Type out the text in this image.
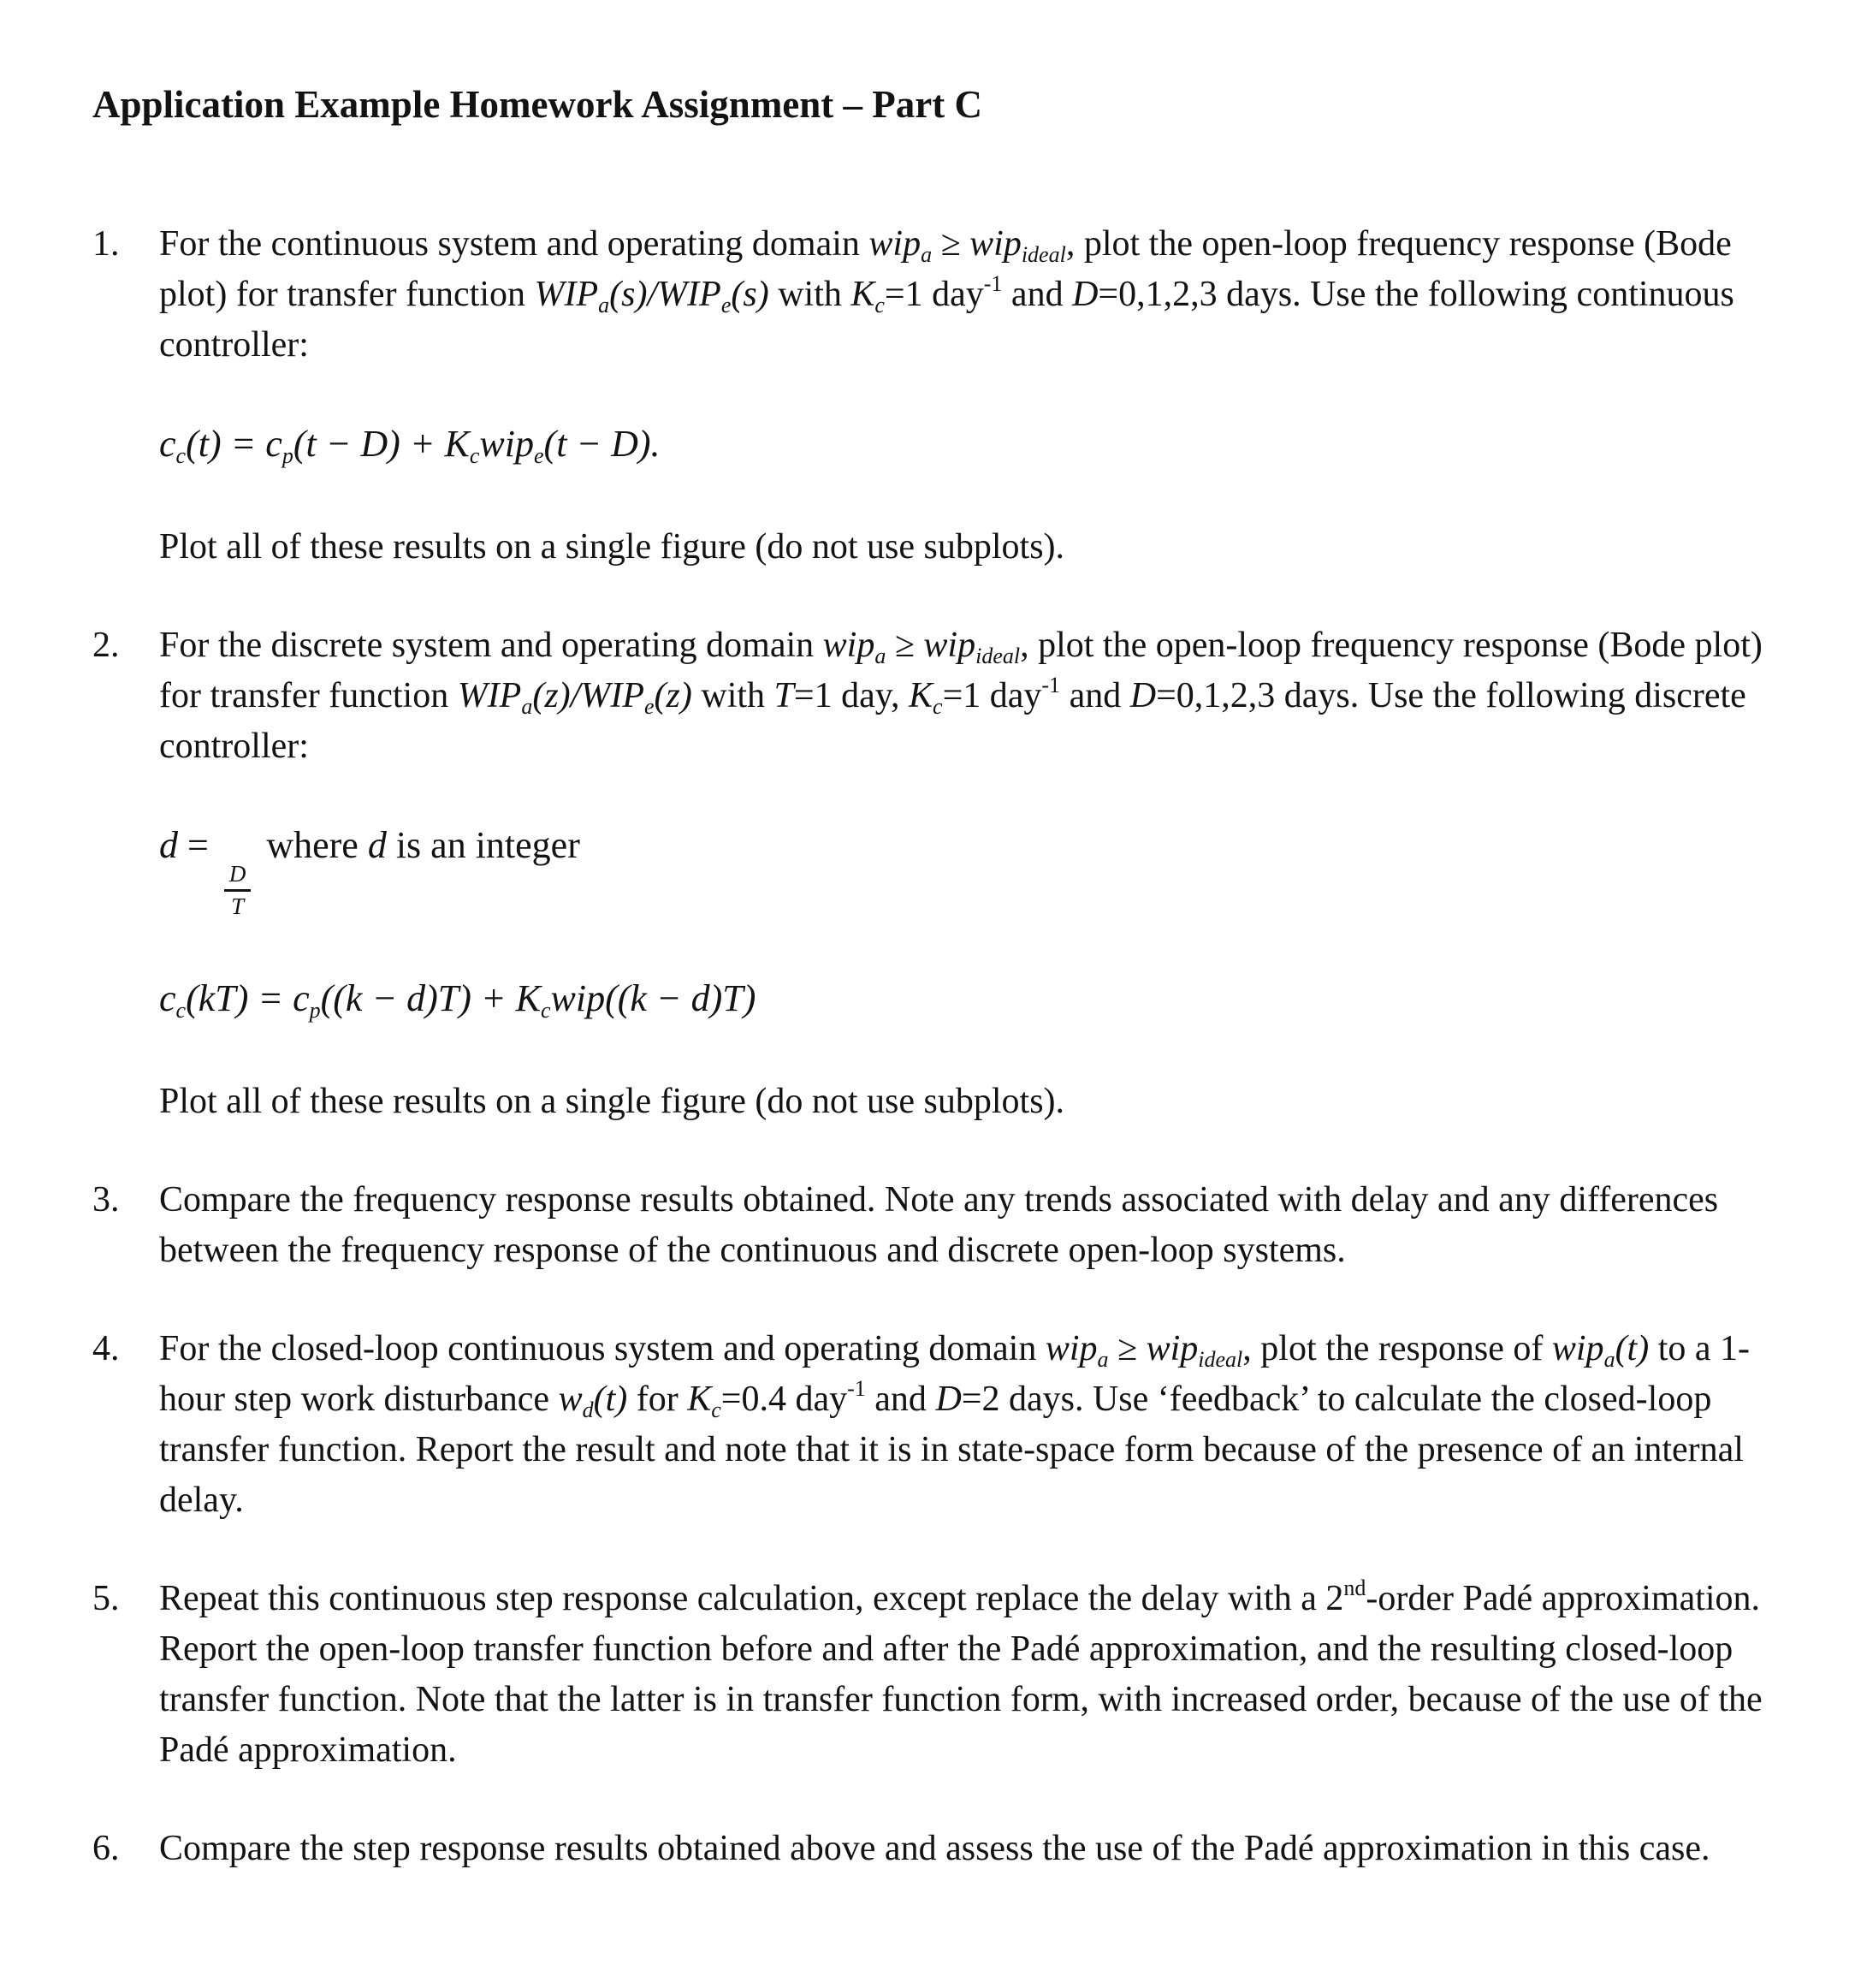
Application Example Homework Assignment – Part C
1.	For the continuous system and operating domain wip$_a$ ≥ wip$_{ideal}$, plot the open-loop frequency response (Bode plot) for transfer function $WIP_a(s)/WIP_e(s)$ with $K_c=1$ day$^{-1}$ and D=0,1,2,3 days. Use the following continuous controller:

$c_c(t) = c_p(t - D) + K_cwip_e(t - D)$.

Plot all of these results on a single figure (do not use subplots).

2.	For the discrete system and operating domain wip$_a$ ≥ wip$_{ideal}$, plot the open-loop frequency response (Bode plot) for transfer function $WIP_a(z)/WIP_e(z)$ with T=1 day, $K_c=1$ day$^{-1}$ and D=0,1,2,3 days. Use the following discrete controller:

d =
$\frac{D}{T}$
where d is an integer

$c_c(kT) = c_p((k - d)T) + K_cwip((k - d)T)$

Plot all of these results on a single figure (do not use subplots).

3.	Compare the frequency response results obtained. Note any trends associated with delay and any differences between the frequency response of the continuous and discrete open-loop systems.

4.	For the closed-loop continuous system and operating domain wip$_a$ ≥ wip$_{ideal}$, plot the response of wip$_a$(t) to a 1-hour step work disturbance $w_d(t)$ for $K_c=0.4$ day$^{-1}$ and D=2 days. Use ‘feedback’ to calculate the closed-loop transfer function. Report the result and note that it is in state-space form because of the presence of an internal delay.

5.	Repeat this continuous step response calculation, except replace the delay with a 2nd-order Padé approximation. Report the open-loop transfer function before and after the Padé approximation, and the resulting closed-loop transfer function. Note that the latter is in transfer function form, with increased order, because of the use of the Padé approximation.

6.	Compare the step response results obtained above and assess the use of the Padé approximation in this case.
